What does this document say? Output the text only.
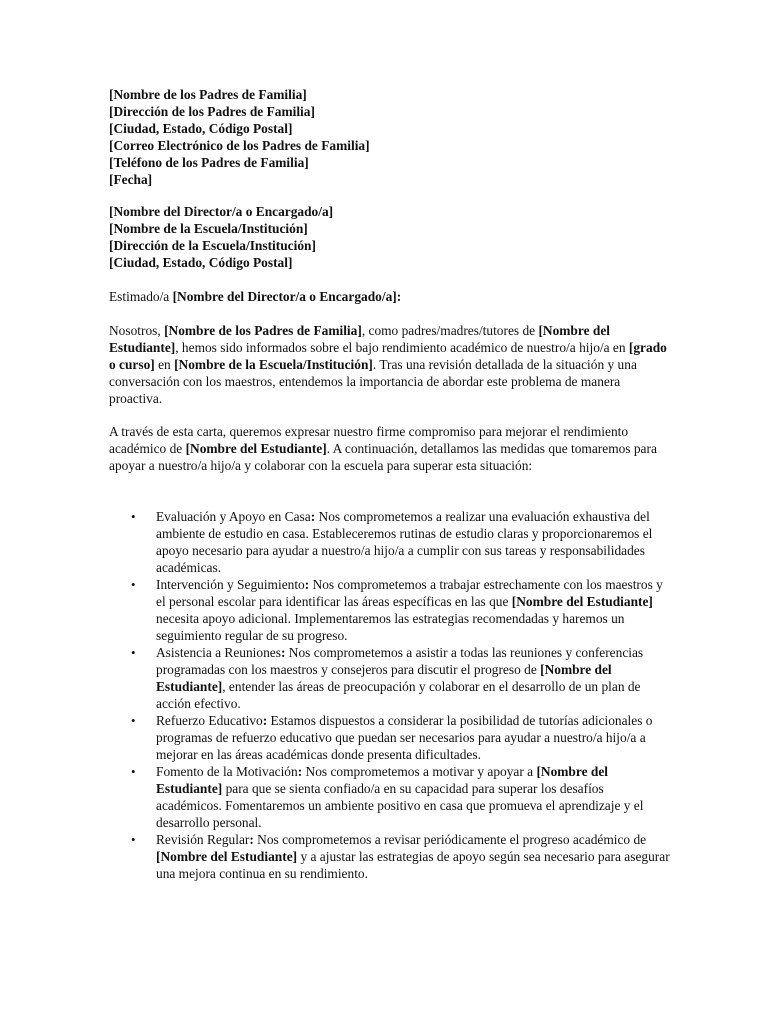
[Nombre de los Padres de Familia]
[Dirección de los Padres de Familia]
[Ciudad, Estado, Código Postal]
[Correo Electrónico de los Padres de Familia]
[Teléfono de los Padres de Familia]
[Fecha]
[Nombre del Director/a o Encargado/a]
[Nombre de la Escuela/Institución]
[Dirección de la Escuela/Institución]
[Ciudad, Estado, Código Postal]

Estimado/a [Nombre del Director/a o Encargado/a]:

Nosotros, [Nombre de los Padres de Familia], como padres/madres/tutores de [Nombre del Estudiante], hemos sido informados sobre el bajo rendimiento académico de nuestro/a hijo/a en [grado o curso] en [Nombre de la Escuela/Institución]. Tras una revisión detallada de la situación y una conversación con los maestros, entendemos la importancia de abordar este problema de manera proactiva.

A través de esta carta, queremos expresar nuestro firme compromiso para mejorar el rendimiento académico de [Nombre del Estudiante]. A continuación, detallamos las medidas que tomaremos para apoyar a nuestro/a hijo/a y colaborar con la escuela para superar esta situación:

• Evaluación y Apoyo en Casa: Nos comprometemos a realizar una evaluación exhaustiva del ambiente de estudio en casa. Estableceremos rutinas de estudio claras y proporcionaremos el apoyo necesario para ayudar a nuestro/a hijo/a a cumplir con sus tareas y responsabilidades académicas.
• Intervención y Seguimiento: Nos comprometemos a trabajar estrechamente con los maestros y el personal escolar para identificar las áreas específicas en las que [Nombre del Estudiante] necesita apoyo adicional. Implementaremos las estrategias recomendadas y haremos un seguimiento regular de su progreso.
• Asistencia a Reuniones: Nos comprometemos a asistir a todas las reuniones y conferencias programadas con los maestros y consejeros para discutir el progreso de [Nombre del Estudiante], entender las áreas de preocupación y colaborar en el desarrollo de un plan de acción efectivo.
• Refuerzo Educativo: Estamos dispuestos a considerar la posibilidad de tutorías adicionales o programas de refuerzo educativo que puedan ser necesarios para ayudar a nuestro/a hijo/a a mejorar en las áreas académicas donde presenta dificultades.
• Fomento de la Motivación: Nos comprometemos a motivar y apoyar a [Nombre del Estudiante] para que se sienta confiado/a en su capacidad para superar los desafíos académicos. Fomentaremos un ambiente positivo en casa que promueva el aprendizaje y el desarrollo personal.
• Revisión Regular: Nos comprometemos a revisar periódicamente el progreso académico de [Nombre del Estudiante] y a ajustar las estrategias de apoyo según sea necesario para asegurar una mejora continua en su rendimiento.
